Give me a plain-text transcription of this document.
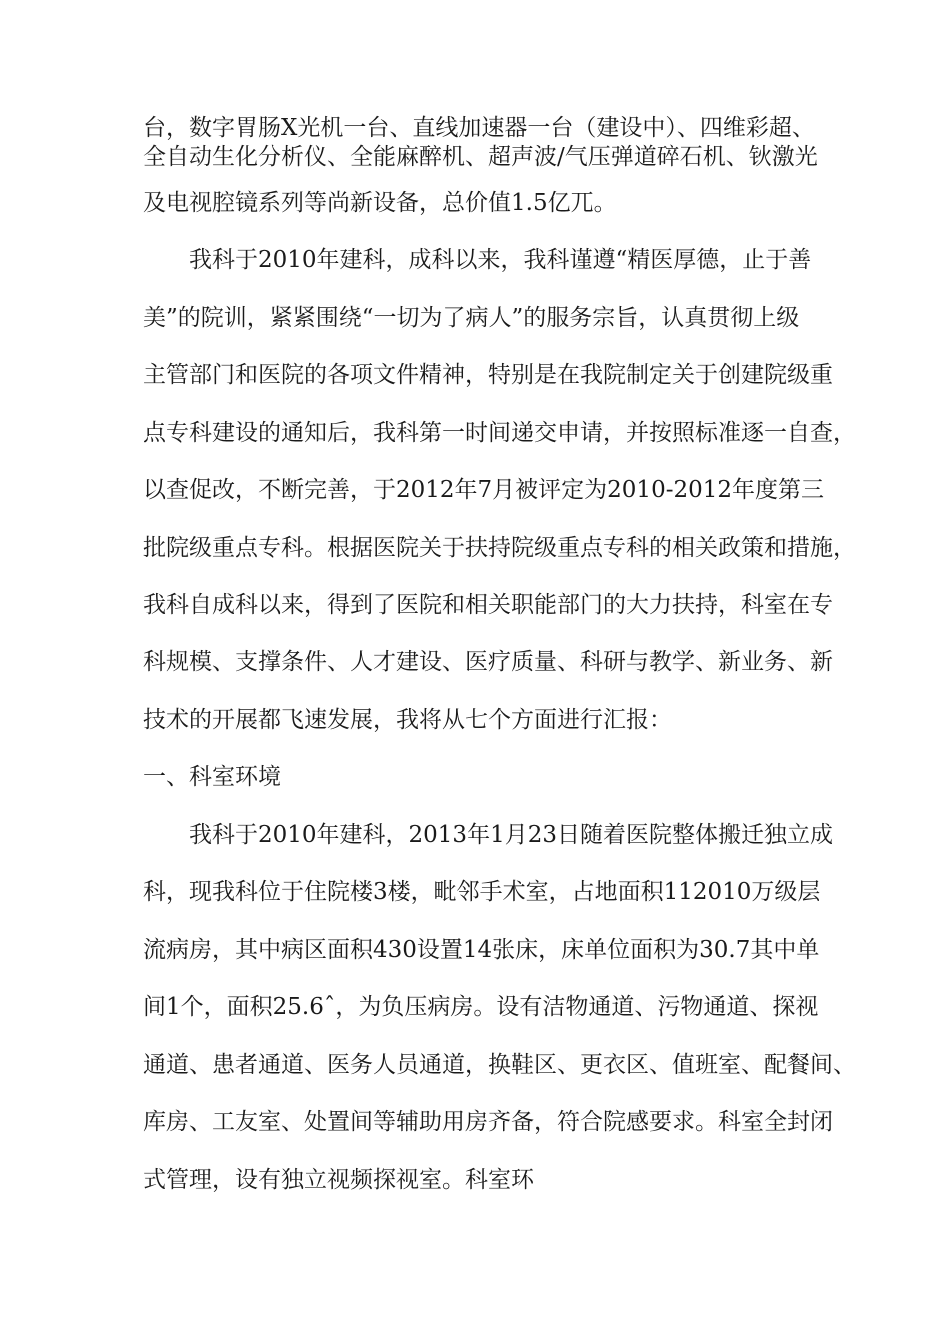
台，数字胃肠X光机一台、直线加速器一台（建设中）、四维彩超、
全自动生化分析仪、全能麻醉机、超声波/气压弹道碎石机、钬激光
及电视腔镜系列等尚新设备，总价值1.5亿兀。
我科于2010年建科，成科以来，我科谨遵“精医厚德，止于善
美”的院训，紧紧围绕“一切为了病人”的服务宗旨，认真贯彻上级
主管部门和医院的各项文件精神，特别是在我院制定关于创建院级重
点专科建设的通知后，我科第一时间递交申请，并按照标准逐一自查，
以查促改，不断完善，于2012年7月被评定为2010-2012年度第三
批院级重点专科。根据医院关于扶持院级重点专科的相关政策和措施，
我科自成科以来，得到了医院和相关职能部门的大力扶持，科室在专
科规模、支撑条件、人才建设、医疗质量、科研与教学、新业务、新
技术的开展都飞速发展，我将从七个方面进行汇报：
一、科室环境
我科于2010年建科，2013年1月23日随着医院整体搬迁独立成
科，现我科位于住院楼3楼，毗邻手术室，占地面积112010万级层
流病房，其中病区面积430设置14张床，床单位面积为30.7其中单
间1个，面积25.6ˆ，为负压病房。设有洁物通道、污物通道、探视
通道、患者通道、医务人员通道，换鞋区、更衣区、值班室、配餐间、
库房、工友室、处置间等辅助用房齐备，符合院感要求。科室全封闭
式管理，设有独立视频探视室。科室环
